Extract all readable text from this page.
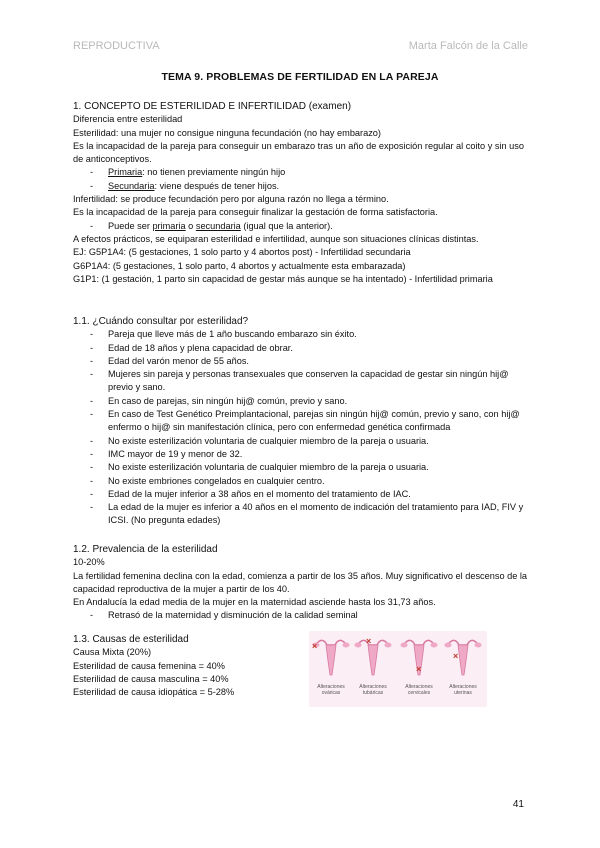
REPRODUCTIVA	Marta Falcón de la Calle
TEMA 9. PROBLEMAS DE FERTILIDAD EN LA PAREJA

1. CONCEPTO DE ESTERILIDAD E INFERTILIDAD (examen)

Diferencia entre esterilidad

Esterilidad: una mujer no consigue ninguna fecundación (no hay embarazo)

Es la incapacidad de la pareja para conseguir un embarazo tras un año de exposición regular al coito y sin uso de anticonceptivos.

- Primaria: no tienen previamente ningún hijo

- Secundaria: viene después de tener hijos.

Infertilidad: se produce fecundación pero por alguna razón no llega a término.

Es la incapacidad de la pareja para conseguir finalizar la gestación de forma satisfactoria.

- Puede ser primaria o secundaria (igual que la anterior).

A efectos prácticos, se equiparan esterilidad e infertilidad, aunque son situaciones clínicas distintas.

EJ: G5P1A4: (5 gestaciones, 1 solo parto y 4 abortos post) - Infertilidad secundaria

G6P1A4: (5 gestaciones, 1 solo parto, 4 abortos y actualmente esta embarazada)

G1P1: (1 gestación, 1 parto sin capacidad de gestar más aunque se ha intentado) - Infertilidad primaria

1.1. ¿Cuándo consultar por esterilidad?

- Pareja que lleve más de 1 año buscando embarazo sin éxito.

- Edad de 18 años y plena capacidad de obrar.

- Edad del varón menor de 55 años.

- Mujeres sin pareja y personas transexuales que conserven la capacidad de gestar sin ningún hij@ previo y sano.

- En caso de parejas, sin ningún hij@ común, previo y sano.

- En caso de Test Genético Preimplantacional, parejas sin ningún hij@ común, previo y sano, con hij@ enfermo o hij@ sin manifestación clínica, pero con enfermedad genética confirmada

- No existe esterilización voluntaria de cualquier miembro de la pareja o usuaria.

- IMC mayor de 19 y menor de 32.

- No existe esterilización voluntaria de cualquier miembro de la pareja o usuaria.

- No existe embriones congelados en cualquier centro.

- Edad de la mujer inferior a 38 años en el momento del tratamiento de IAC.

- La edad de la mujer es inferior a 40 años en el momento de indicación del tratamiento para IAD, FIV y ICSI. (No pregunta edades)

1.2. Prevalencia de la esterilidad

10-20%

La fertilidad femenina declina con la edad, comienza a partir de los 35 años. Muy significativo el descenso de la capacidad reproductiva de la mujer a partir de los 40.

En Andalucía la edad media de la mujer en la maternidad asciende hasta los 31,73 años.

- Retrasó de la maternidad y disminución de la calidad seminal

1.3. Causas de esterilidad

Causa Mixta (20%)

Esterilidad de causa femenina = 40%

Esterilidad de causa masculina = 40%

Esterilidad de causa idiopática = 5-28%

×	×
×
×
Alteraciones ováricas
Alteraciones tubáricas
Alteraciones cervicales
Alteraciones uterinas
41
